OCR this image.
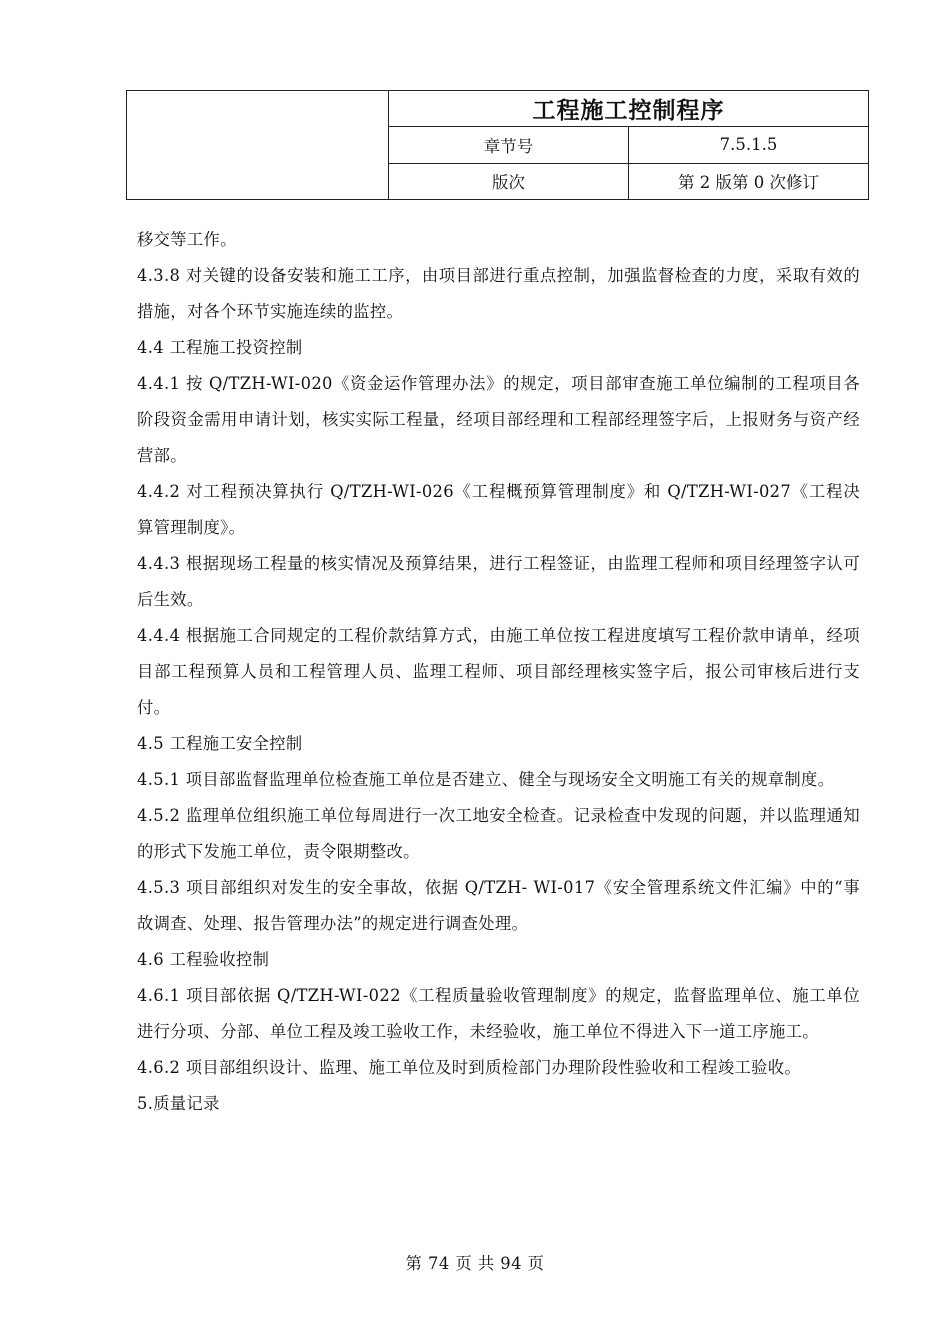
	工程施工控制程序	
	章节号	7.5.1.5
	版次	第 2 版第 0 次修订

移交等工作。

4.3.8 对关键的设备安装和施工工序，由项目部进行重点控制，加强监督检查的力度，采取有效的措施，对各个环节实施连续的监控。

4.4 工程施工投资控制

4.4.1 按 Q/TZH-WI-020《资金运作管理办法》的规定，项目部审查施工单位编制的工程项目各阶段资金需用申请计划，核实实际工程量，经项目部经理和工程部经理签字后，上报财务与资产经营部。

4.4.2 对工程预决算执行 Q/TZH-WI-026《工程概预算管理制度》和 Q/TZH-WI-027《工程决算管理制度》。

4.4.3 根据现场工程量的核实情况及预算结果，进行工程签证，由监理工程师和项目经理签字认可后生效。

4.4.4 根据施工合同规定的工程价款结算方式，由施工单位按工程进度填写工程价款申请单，经项目部工程预算人员和工程管理人员、监理工程师、项目部经理核实签字后，报公司审核后进行支付。

4.5 工程施工安全控制

4.5.1 项目部监督监理单位检查施工单位是否建立、健全与现场安全文明施工有关的规章制度。

4.5.2 监理单位组织施工单位每周进行一次工地安全检查。记录检查中发现的问题，并以监理通知的形式下发施工单位，责令限期整改。

4.5.3 项目部组织对发生的安全事故，依据 Q/TZH- WI-017《安全管理系统文件汇编》中的“事故调查、处理、报告管理办法”的规定进行调查处理。

4.6 工程验收控制

4.6.1 项目部依据 Q/TZH-WI-022《工程质量验收管理制度》的规定，监督监理单位、施工单位进行分项、分部、单位工程及竣工验收工作，未经验收，施工单位不得进入下一道工序施工。

4.6.2 项目部组织设计、监理、施工单位及时到质检部门办理阶段性验收和工程竣工验收。

5.质量记录

第 74 页 共 94 页
